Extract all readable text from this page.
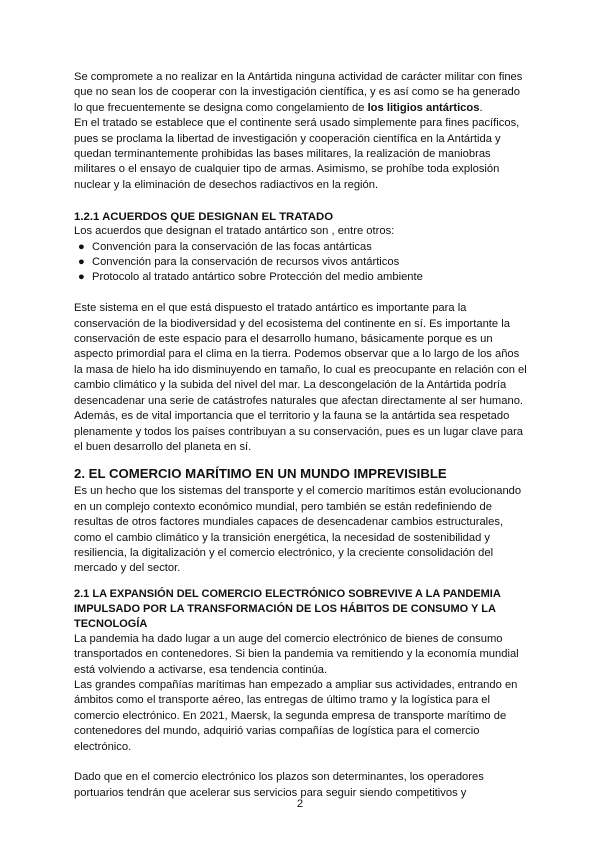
Se compromete a no realizar en la Antártida ninguna actividad de carácter militar con fines que no sean los de cooperar con la investigación científica, y es así como se ha generado lo que frecuentemente se designa como congelamiento de los litigios antárticos.

En el tratado se establece que el continente será usado simplemente para fines pacíficos, pues se proclama la libertad de investigación y cooperación científica en la Antártida y quedan terminantemente prohibidas las bases militares, la realización de maniobras militares o el ensayo de cualquier tipo de armas. Asimismo, se prohíbe toda explosión nuclear y la eliminación de desechos radiactivos en la región.

1.2.1 ACUERDOS QUE DESIGNAN EL TRATADO

Los acuerdos que designan el tratado antártico son , entre otros:

● Convención para la conservación de las focas antárticas
● Convención para la conservación de recursos vivos antárticos
● Protocolo al tratado antártico sobre Protección del medio ambiente

Este sistema en el que está dispuesto el tratado antártico es importante para la conservación de la biodiversidad y del ecosistema del continente en sí. Es importante la conservación de este espacio para el desarrollo humano, básicamente porque es un aspecto primordial para el clima en la tierra. Podemos observar que a lo largo de los años la masa de hielo ha ido disminuyendo en tamaño, lo cual es preocupante en relación con el cambio climático y la subida del nivel del mar. La descongelación de la Antártida podría desencadenar una serie de catástrofes naturales que afectan directamente al ser humano. Además, es de vital importancia que el territorio y la fauna se la antártida sea respetado plenamente y todos los países contribuyan a su conservación, pues es un lugar clave para el buen desarrollo del planeta en sí.

2. EL COMERCIO MARÍTIMO EN UN MUNDO IMPREVISIBLE

Es un hecho que los sistemas del transporte y el comercio marítimos están evolucionando en un complejo contexto económico mundial, pero también se están redefiniendo de resultas de otros factores mundiales capaces de desencadenar cambios estructurales, como el cambio climático y la transición energética, la necesidad de sostenibilidad y resiliencia, la digitalización y el comercio electrónico, y la creciente consolidación del mercado y del sector.

2.1 LA EXPANSIÓN DEL COMERCIO ELECTRÓNICO SOBREVIVE A LA PANDEMIA IMPULSADO POR LA TRANSFORMACIÓN DE LOS HÁBITOS DE CONSUMO Y LA TECNOLOGÍA

La pandemia ha dado lugar a un auge del comercio electrónico de bienes de consumo transportados en contenedores. Si bien la pandemia va remitiendo y la economía mundial está volviendo a activarse, esa tendencia continúa.

Las grandes compañías marítimas han empezado a ampliar sus actividades, entrando en ámbitos como el transporte aéreo, las entregas de último tramo y la logística para el comercio electrónico. En 2021, Maersk, la segunda empresa de transporte marítimo de contenedores del mundo, adquirió varias compañías de logística para el comercio electrónico.

Dado que en el comercio electrónico los plazos son determinantes, los operadores portuarios tendrán que acelerar sus servicios para seguir siendo competitivos y

2
